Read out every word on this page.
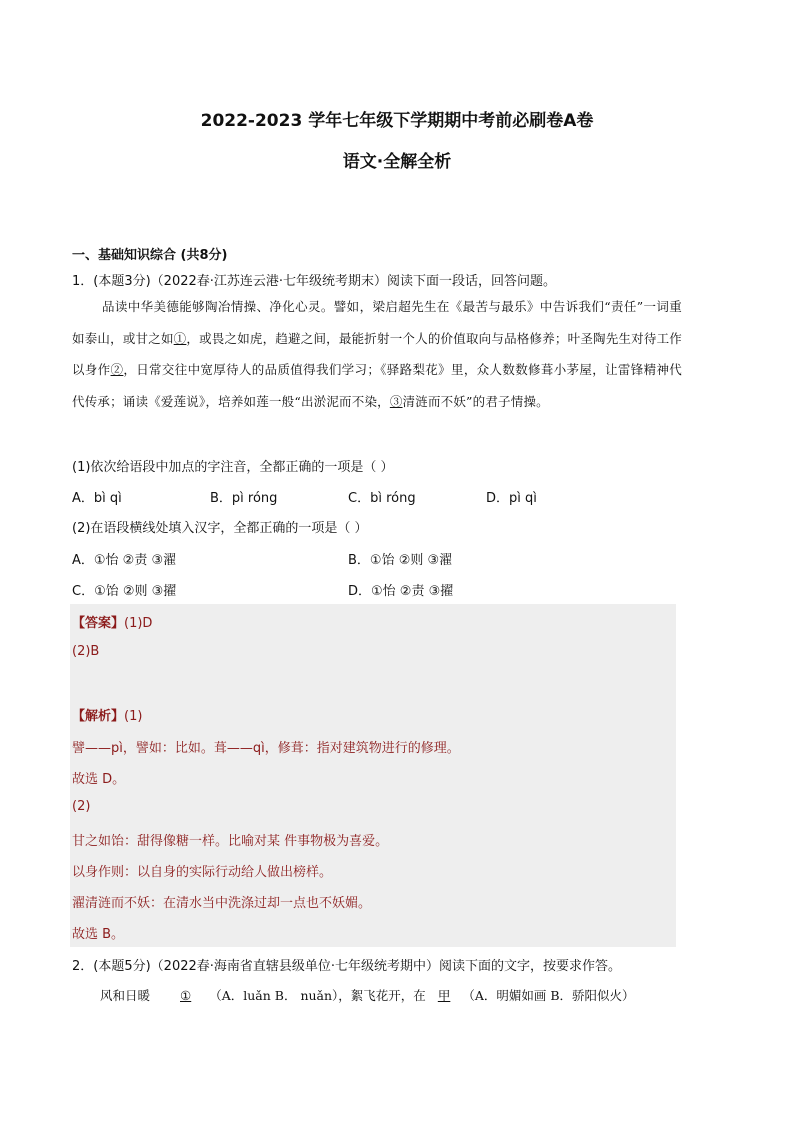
2022-2023 学年七年级下学期期中考前必刷卷A卷
语文·全解全析
一、基础知识综合 (共8分)
1．(本题3分)（2022春·江苏连云港·七年级统考期末）阅读下面一段话，回答问题。
品读中华美德能够陶冶情操、净化心灵。譬如，梁启超先生在《最苦与最乐》中告诉我们“责任”一词重如泰山，或甘之如①，或畏之如虎，趋避之间，最能折射一个人的价值取向与品格修养；叶圣陶先生对待工作以身作②，日常交往中宽厚待人的品质值得我们学习；《驿路梨花》里，众人数数修葺小茅屋，让雷锋精神代代传承；诵读《爱莲说》，培养如莲一般“出淤泥而不染，③清涟而不妖”的君子情操。
(1)依次给语段中加点的字注音，全都正确的一项是（ ）
A．bì qì	B．pì róng	C．bì róng	D．pì qì
(2)在语段横线处填入汉字，全都正确的一项是（ ）
A．①怡 ②责 ③濯	B．①饴 ②则 ③濯
C．①饴 ②则 ③擢	D．①怡 ②责 ③擢
【答案】(1)D
(2)B
【解析】(1)
譬——pì，譬如：比如。葺——qì，修葺：指对建筑物进行的修理。
故选 D。
(2)
甘之如饴：甜得像糖一样。比喻对某 件事物极为喜爱。
以身作则：以自身的实际行动给人做出榜样。
濯清涟而不妖：在清水当中洗涤过却一点也不妖媚。
故选 B。
2．(本题5分)（2022春·海南省直辖县级单位·七年级统考期中）阅读下面的文字，按要求作答。
风和日暖 ① （A．luǎn B． nuǎn），絮飞花开，在 甲 （A．明媚如画 B．骄阳似火）
